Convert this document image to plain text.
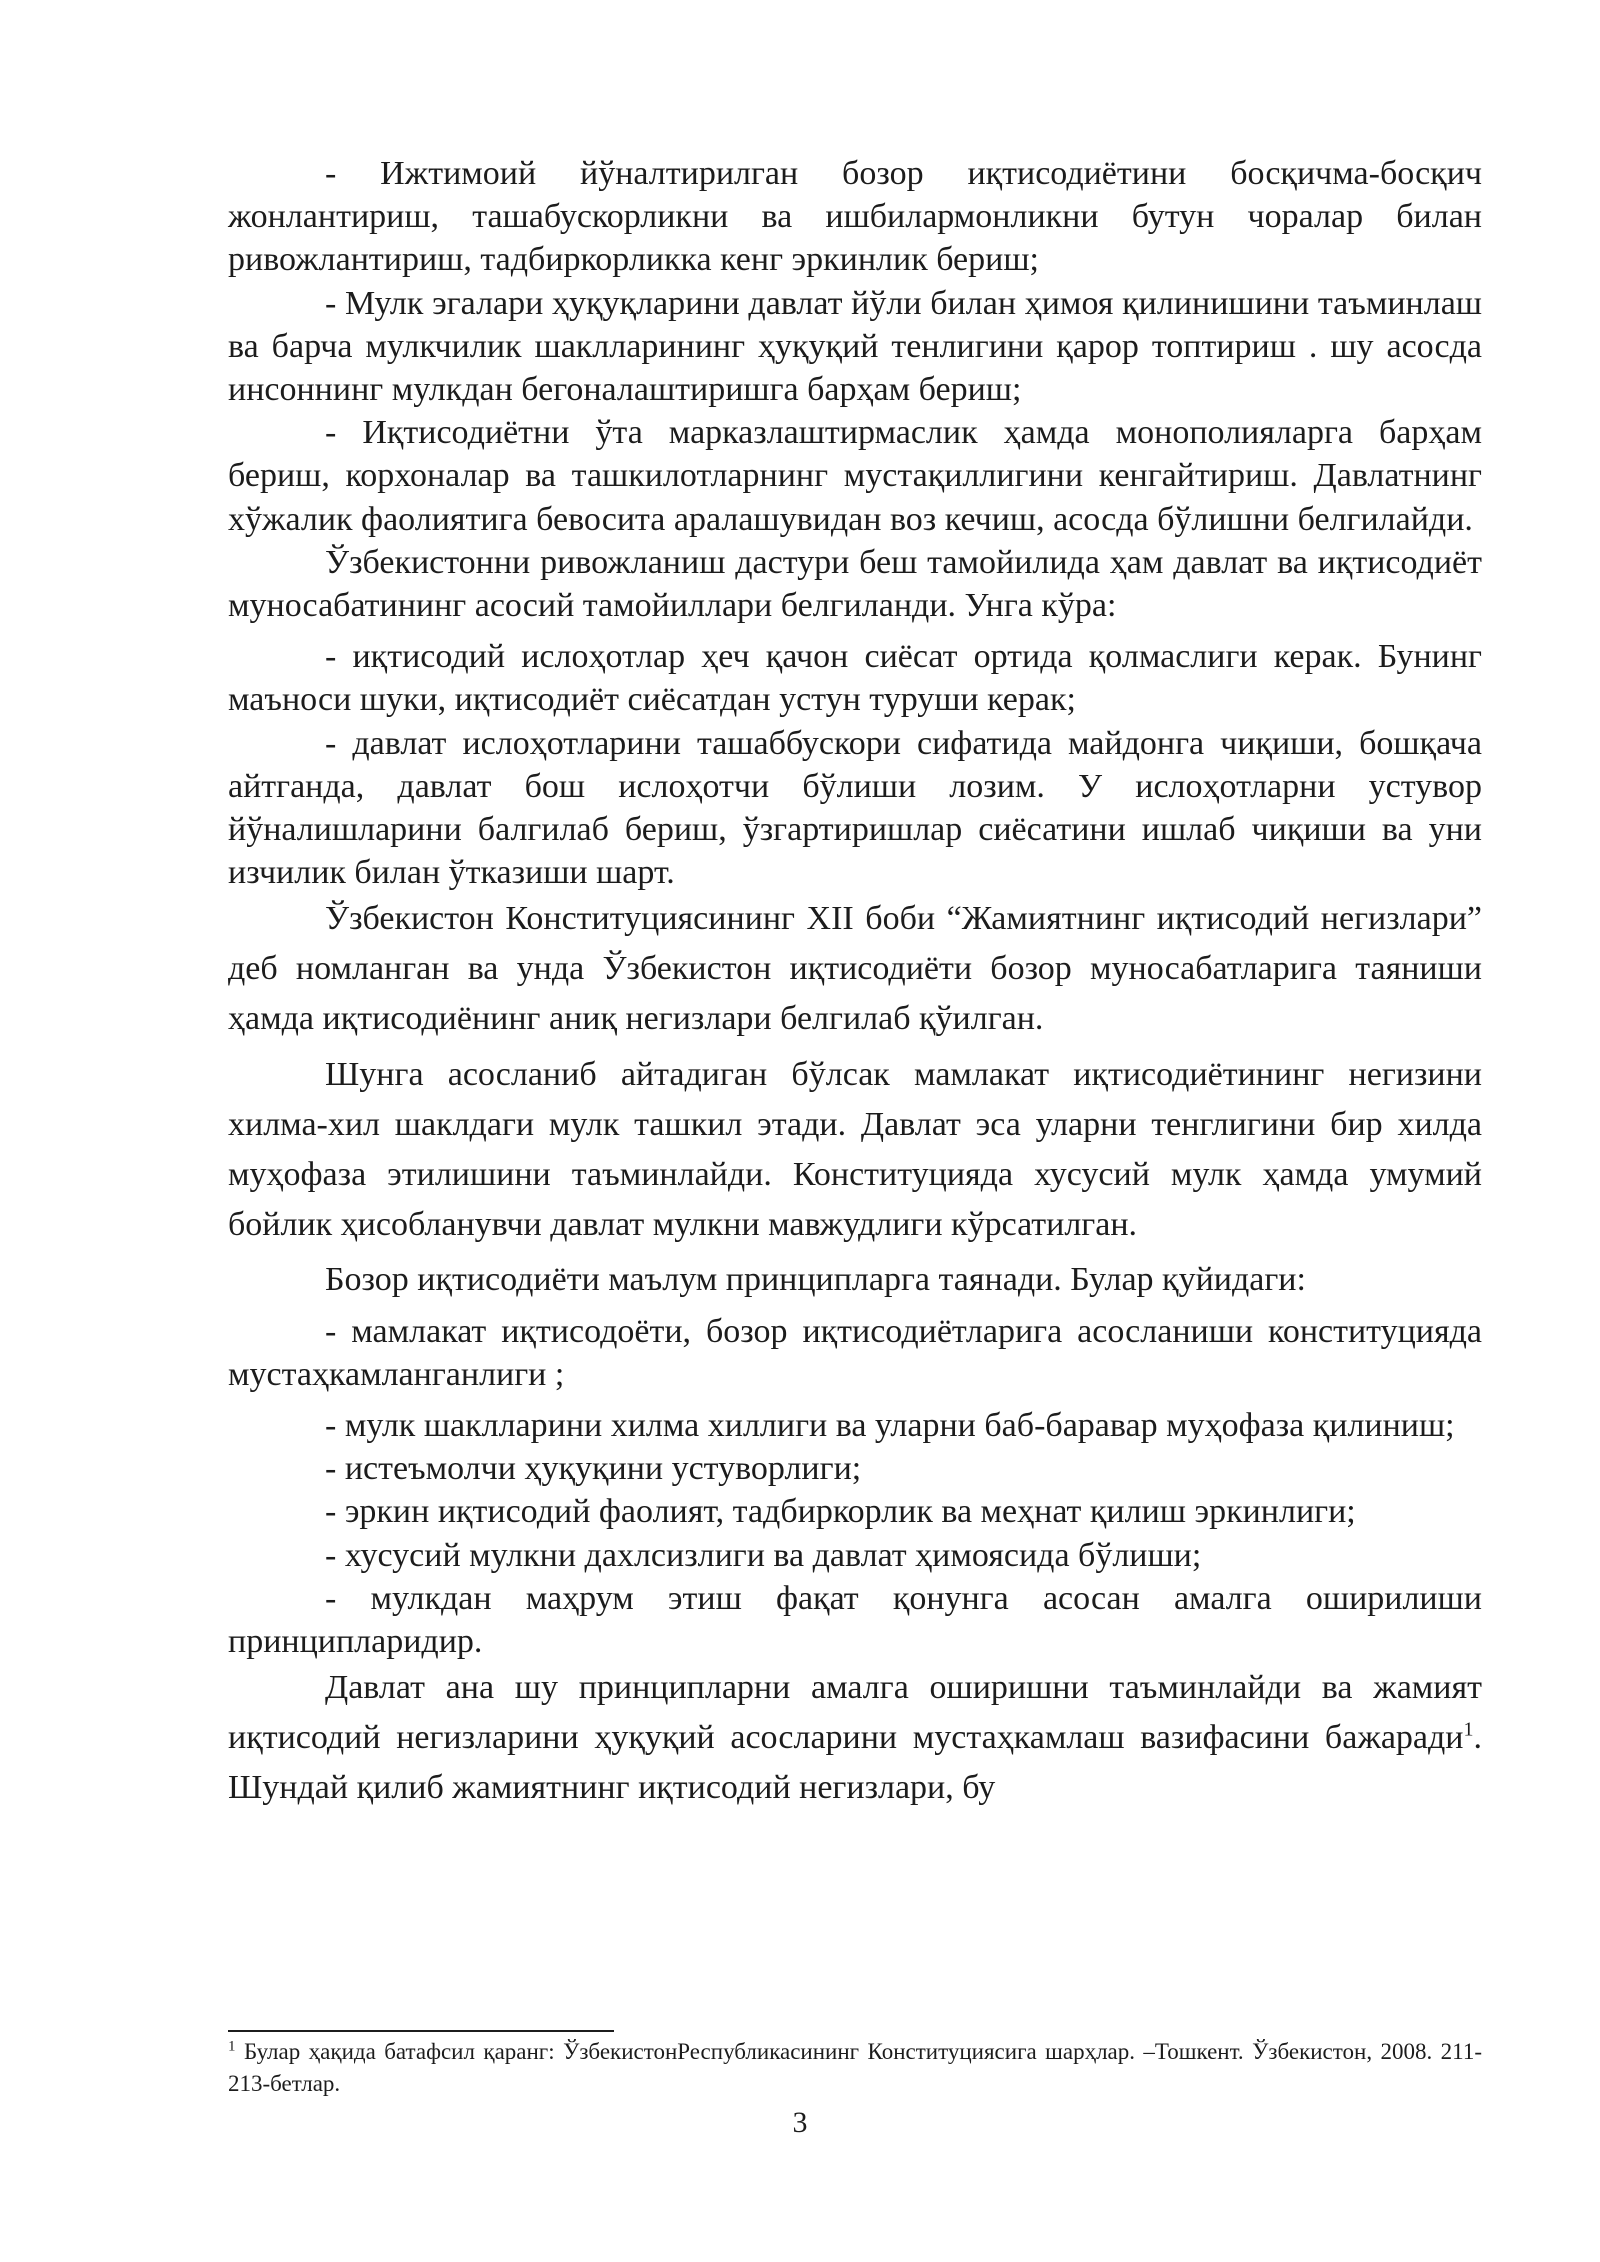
- Ижтимоий йўналтирилган бозор иқтисодиётини босқичма-босқич жонлантириш, ташабускорликни ва ишбилармонликни бутун чоралар билан ривожлантириш, тадбиркорликка кенг эркинлик бериш;

- Мулк эгалари ҳуқуқларини давлат йўли билан ҳимоя қилинишини таъминлаш ва барча мулкчилик шаклларининг ҳуқуқий тенлигини қарор топтириш . шу асосда инсоннинг мулкдан бегоналаштиришга барҳам бериш;

- Иқтисодиётни ўта марказлаштирмаслик ҳамда монополияларга барҳам бериш, корхоналар ва ташкилотларнинг мустақиллигини кенгайтириш. Давлатнинг хўжалик фаолиятига бевосита аралашувидан воз кечиш, асосда бўлишни белгилайди.

Ўзбекистонни ривожланиш дастури беш тамойилида ҳам давлат ва иқтисодиёт муносабатининг асосий тамойиллари белгиланди. Унга кўра:

- иқтисодий ислоҳотлар ҳеч қачон сиёсат ортида қолмаслиги керак. Бунинг маъноси шуки, иқтисодиёт сиёсатдан устун туруши керак;

- давлат ислоҳотларини ташаббускори сифатида майдонга чиқиши, бошқача айтганда, давлат бош ислоҳотчи бўлиши лозим. У ислоҳотларни устувор йўналишларини балгилаб бериш, ўзгартиришлар сиёсатини ишлаб чиқиши ва уни изчилик билан ўтказиши шарт.

Ўзбекистон Конституциясининг XII боби “Жамиятнинг иқтисодий негизлари” деб номланган ва унда Ўзбекистон иқтисодиёти бозор муносабатларига таяниши ҳамда иқтисодиёнинг аниқ негизлари белгилаб қўилган.

Шунга асосланиб айтадиган бўлсак мамлакат иқтисодиётининг негизини хилма-хил шаклдаги мулк ташкил этади. Давлат эса уларни тенглигини бир хилда муҳофаза этилишини таъминлайди. Конституцияда хусусий мулк ҳамда умумий бойлик ҳисобланувчи давлат мулкни мавжудлиги кўрсатилган.

Бозор иқтисодиёти маълум принципларга таянади. Булар қуйидаги:

- мамлакат иқтисодоёти, бозор иқтисодиётларига асосланиши конституцияда мустаҳкамланганлиги ;

- мулк шаклларини хилма хиллиги ва уларни баб-баравар муҳофаза қилиниш;

- истеъмолчи ҳуқуқини устуворлиги;

- эркин иқтисодий фаолият, тадбиркорлик ва меҳнат қилиш эркинлиги;

- хусусий мулкни дахлсизлиги ва давлат ҳимоясида бўлиши;

- мулкдан маҳрум этиш фақат қонунга асосан амалга оширилиши принципларидир.

Давлат ана шу принципларни амалга оширишни таъминлайди ва жамият иқтисодий негизларини ҳуқуқий асосларини мустаҳкамлаш вазифасини бажаради$^1$. Шундай қилиб жамиятнинг иқтисодий негизлари, бу

$^1$ Булар ҳақида батафсил қаранг: ЎзбекистонРеспубликасининг Конституциясига шарҳлар. –Тошкент. Ўзбекистон, 2008. 211-213-бетлар.
3
